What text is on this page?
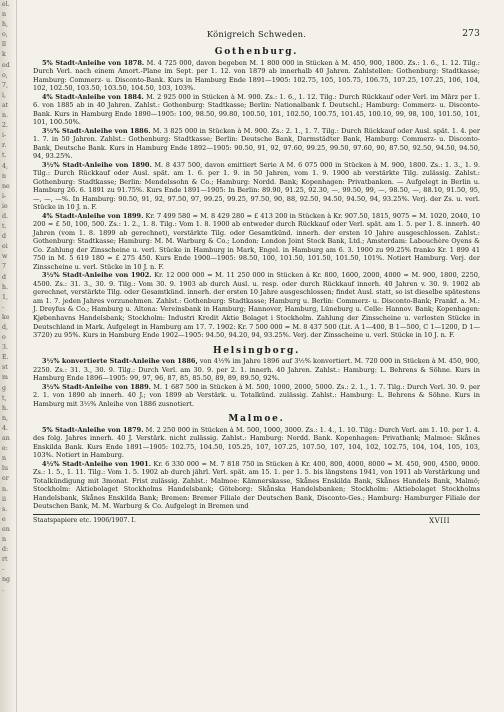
el.
n
h,
o,
ll
k
ed
o,
7,
i,
at
n.
2.
i-
r.
t.
4,
n
ne
i-
ie
d.
t.
d
ei
w
7
d
h.
1,
-
ke
d,
o
3.
E.
st
m
g
t,
h.
n,
4.
an
e:
n
lu
er
n.
ii
s.
e
en
n
d:
rt
-
ng
.
Königreich Schweden.	273
Gothenburg.

5% Stadt-Anleihe von 1878. M. 4 725 000, davon begeben M. 1 800 000 in Stücken à M. 450, 900, 1800. Zs.: 1. 6., 1. 12. Tilg.: Durch Verl. nach einem Amort.-Plane im Sept. per 1. 12. von 1879 ab innerhalb 40 Jahren. Zahlstellen: Gothenburg: Stadtkasse; Hamburg: Commerz- u. Disconto-Bank. Kurs in Hamburg Ende 1891—1905: 102.75, 105, 105.75, 106.75, 107.25, 107.25, 106, 104, 102, 102.50, 103.50, 103.50, 104.50, 103, 103%.

4% Stadt-Anleihe von 1884. M. 2 925 000 in Stücken à M. 900. Zs.: 1. 6., 1. 12. Tilg.: Durch Rückkauf oder Verl. im März per 1. 6. von 1885 ab in 40 Jahren. Zahlst.: Gothenburg: Stadtkasse; Berlin: Nationalbank f. Deutschl.; Hamburg: Commerz- u. Disconto-Bank. Kurs in Hamburg Ende 1890—1905: 100, 98.50, 99.80, 100.50, 101, 102.50, 100.75, 101.45, 100.10, 99, 98, 100, 101.50, 101, 101, 100.50%.

3½% Stadt-Anleihe von 1886. M. 3 825 000 in Stücken à M. 900. Zs.: 2. 1., 1. 7. Tilg.: Durch Rückkauf oder Ausl. spät. 1. 4. per 1. 7. in 50 Jahren. Zahlst.: Gothenburg: Stadtkasse; Berlin: Deutsche Bank, Darmstädter Bank, Hamburg: Commerz- u. Disconto-Bank, Deutsche Bank. Kurs in Hamburg Ende 1892—1905: 90.50, 91, 92, 97.60, 99.25, 99.50, 97.60, 90, 87.50, 92.50, 94.50, 94.50, 94, 93.25%.

3½% Stadt-Anleihe von 1890. M. 8 437 500, davon emittiert Serie A M. 6 075 000 in Stücken à M. 900, 1800. Zs.: 1. 3., 1. 9. Tilg.: Durch Rückkauf oder Ausl. spät. am 1. 6. per 1. 9. in 50 Jahren, vom 1. 9. 1900 ab verstärkte Tilg. zulässig. Zahlst.: Gothenburg: Stadtkasse; Berlin: Mendelssohn & Co.; Hamburg: Nordd. Bank; Kopenhagen: Privatbanken. — Aufgelegt in Berlin u. Hamburg 26. 6. 1891 zu 91.75%. Kurs Ende 1891—1905: In Berlin: 89.90, 91.25, 92.30, —, 99.50, 99, —, 98.50, —, 88.10, 91.50, 95, —, —, —%. In Hamburg: 90.50, 91, 92, 97.50, 97, 99.25, 99.25, 97.50, 90, 88, 92.50, 94.50, 94.50, 94, 93.25%. Verj. der Zs. u. verl. Stücke in 10 J. n. F.

4% Stadt-Anleihe von 1899. Kr. 7 499 580 = M. 8 429 280 = £ 413 200 in Stücken à Kr. 907.50, 1815, 9075 = M. 1020, 2040, 10 200 = £ 50, 100, 500. Zs.: 1. 2., 1. 8. Tilg.: Vom 1. 8. 1900 ab entweder durch Rückkauf oder Verl. spät. am 1. 5. per 1. 8. innerh. 40 Jahren (vom 1. 8. 1899 ab gerechnet), verstärkte Tilg. oder Gesamtkünd. innerh. der ersten 10 Jahre ausgeschlossen. Zahlst.: Gothenburg: Stadtkasse; Hamburg: M. M. Warburg & Co.; London: London Joint Stock Bank, Ltd.; Amsterdam: Labouchère Oyens & Co. Zahlung der Zinsscheine u. verl. Stücke in Hamburg in Mark, Engel. in Hamburg am 6. 3. 1900 zu 99.25% franko Kr. 1 899 41 750 in M. 5 619 180 = £ 275 450. Kurs Ende 1900—1905: 98.50, 100, 101.50, 101.50, 101.50, 101%. Notiert Hamburg. Verj. der Zinsscheine u. verl. Stücke in 10 J. n. F.

3½% Stadt-Anleihe von 1902. Kr. 12 000 000 = M. 11 250 000 in Stücken à Kr. 800, 1600, 2000, 4000 = M. 900, 1800, 2250, 4500. Zs.: 31. 3., 30. 9. Tilg.: Vom 30. 9. 1903 ab durch Ausl. u. resp. oder durch Rückkauf innerh. 40 Jahren v. 30. 9. 1902 ab gerechnet, verstärkte Tilg. oder Gesamtkünd. innerh. der ersten 10 Jahre ausgeschlossen; findet Ausl. statt, so ist dieselbe spätestens am 1. 7. jeden Jahres vorzunehmen. Zahlst.: Gothenburg: Stadtkasse; Hamburg u. Berlin: Commerz- u. Disconto-Bank; Frankf. a. M.: J. Dreyfus & Co.; Hamburg u. Altona: Vereinsbank in Hamburg; Hannover, Hamburg, Lüneburg u. Celle: Hannov. Bank; Kopenhagen: Kjøbenhavns Handelsbank; Stockholm: Industri Kredit Aktie Bolaget i Stockholm. Zahlung der Zinsscheine u. verlosten Stücke in Deutschland in Mark. Aufgelegt in Hamburg am 17. 7. 1902: Kr. 7 500 000 = M. 8 437 500 (Lit. A 1—400, B 1—500, C 1—1200, D 1—3720) zu 95%. Kurs in Hamburg Ende 1902—1905: 94.50, 94.20, 94, 93.25%. Verj. der Zinsscheine u. verl. Stücke in 10 J. n. F.

Helsingborg.

3½% konvertierte Stadt-Anleihe von 1886, von 4½% im Jahre 1896 auf 3½% konvertiert. M. 720 000 in Stücken à M. 450, 900, 2250. Zs.: 31. 3., 30. 9. Tilg.: Durch Verl. am 30. 9. per 2. 1. innerh. 40 Jahren. Zahlst.: Hamburg: L. Behrens & Söhne. Kurs in Hamburg Ende 1896—1905: 99, 97, 96, 87, 85, 85.50, 89, 89, 89.50, 92%.

3½% Stadt-Anleihe von 1889. M. 1 687 500 in Stücken à M. 500, 1000, 2000, 5000. Zs.: 2. 1., 1. 7. Tilg.: Durch Verl. 30. 9. per 2. 1. von 1890 ab innerh. 40 J.; von 1899 ab Verstärk. u. Totalkünd. zulässig. Zahlst.: Hamburg: L. Behrens & Söhne. Kurs in Hamburg mit 3½% Anleihe von 1886 zusnotiert.

Malmoe.

5% Stadt-Anleihe von 1879. M. 2 250 000 in Stücken à M. 500, 1000, 3000. Zs.: 1. 4., 1. 10. Tilg.: Durch Verl. am 1. 10. per 1. 4. des folg. Jahres innerh. 40 J. Verstärk. nicht zulässig. Zahlst.: Hamburg: Nordd. Bank. Kopenhagen: Privatbank; Malmoe: Skånes Enskilda Bank. Kurs Ende 1891—1905: 102.75, 104.50, 105.25, 107, 107.25, 107.50, 107, 104, 102, 102.75, 104, 104, 105, 103, 103%. Notiert in Hamburg.

4½% Stadt-Anleihe von 1901. Kr. 6 330 000 = M. 7 818 750 in Stücken à Kr. 400, 800, 4000, 8000 = M. 450, 900, 4500, 9000. Zs.: 1. 5., 1. 11. Tilg.: Vom 1. 5. 1902 ab durch jährl. Verl. spät. am 15. 1. per 1. 5. bis längstens 1941, von 1911 ab Verstärkung und Totalkündigung mit 3monat. Frist zulässig. Zahlst.: Malmoe: Kämnerskasse, Skånes Enskilda Bank, Skånes Handels Bank, Malmö; Stockholm: Aktiebolaget Stockholms Handelsbank; Göteborg: Skånska Handelsbanken; Stockholm: Aktiebolaget Stockholms Handelsbank, Skånes Enskilda Bank; Bremen: Bremer Filiale der Deutschen Bank, Disconto-Ges.; Hamburg: Hamburger Filiale der Deutschen Bank, M. M. Warburg & Co. Aufgelegt in Bremen und

Staatspapiere etc. 1906/1907. I.	XVIII
